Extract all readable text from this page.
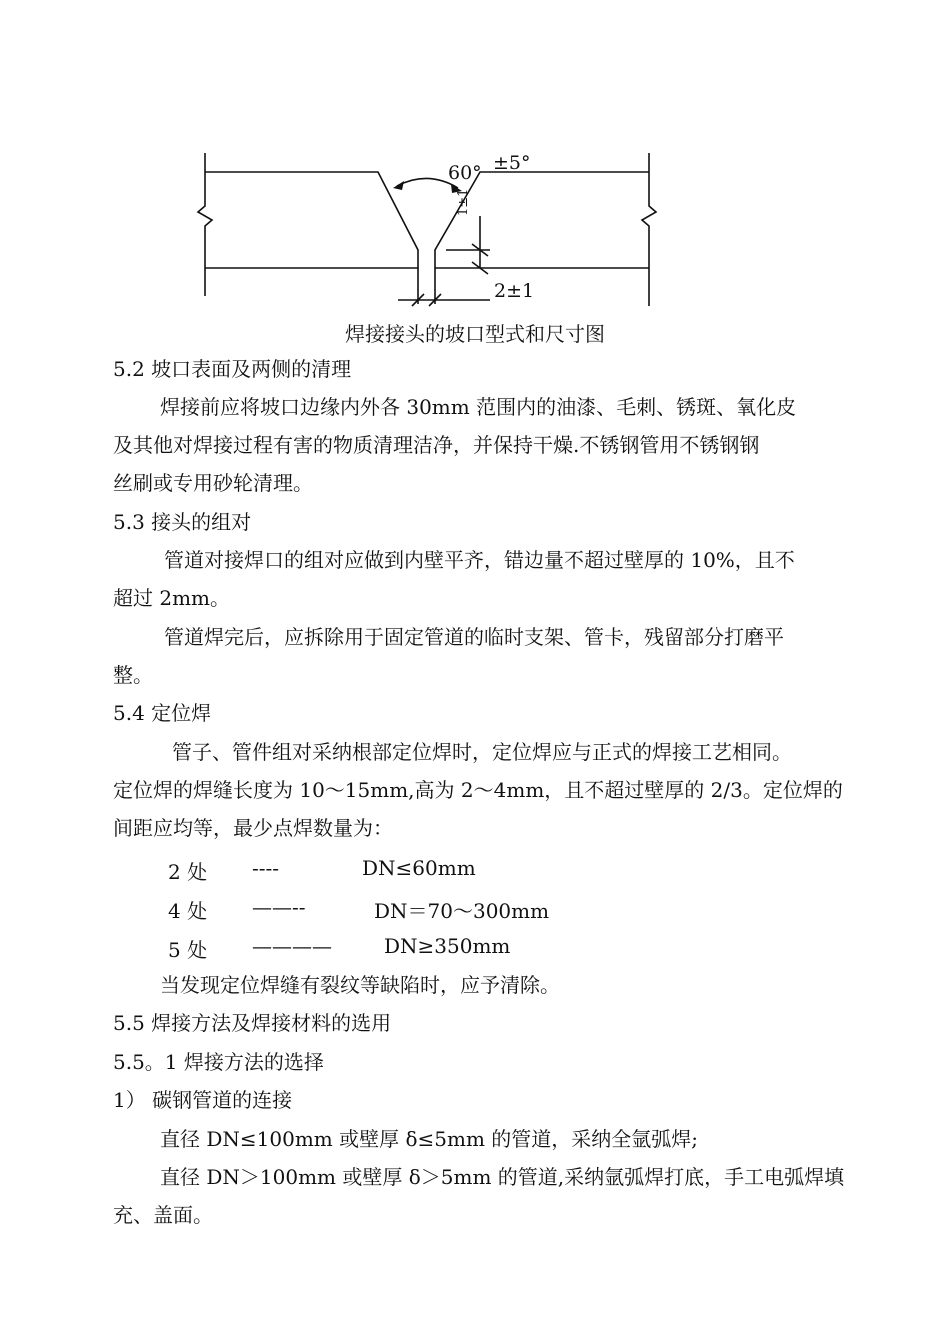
60° ±5°
1±1
2±1
焊接接头的坡口型式和尺寸图
5.2 坡口表面及两侧的清理
焊接前应将坡口边缘内外各 30mm 范围内的油漆、毛刺、锈斑、氧化皮
及其他对焊接过程有害的物质清理洁净，并保持干燥.不锈钢管用不锈钢钢
丝刷或专用砂轮清理。
5.3 接头的组对
管道对接焊口的组对应做到内壁平齐，错边量不超过壁厚的 10%，且不
超过 2mm。
管道焊完后，应拆除用于固定管道的临时支架、管卡，残留部分打磨平
整。
5.4 定位焊
管子、管件组对采纳根部定位焊时，定位焊应与正式的焊接工艺相同。
定位焊的焊缝长度为 10～15mm,高为 2～4mm，且不超过壁厚的 2/3。定位焊的
间距应均等，最少点焊数量为：
2 处 ----	DN≤60mm
4 处 ——--	DN＝70～300mm
5 处 ————	DN≥350mm
当发现定位焊缝有裂纹等缺陷时，应予清除。
5.5 焊接方法及焊接材料的选用
5.5。1 焊接方法的选择
1） 碳钢管道的连接
直径 DN≤100mm 或壁厚 δ≤5mm 的管道，采纳全氩弧焊;
直径 DN＞100mm 或壁厚 δ＞5mm 的管道,采纳氩弧焊打底，手工电弧焊填
充、盖面。
